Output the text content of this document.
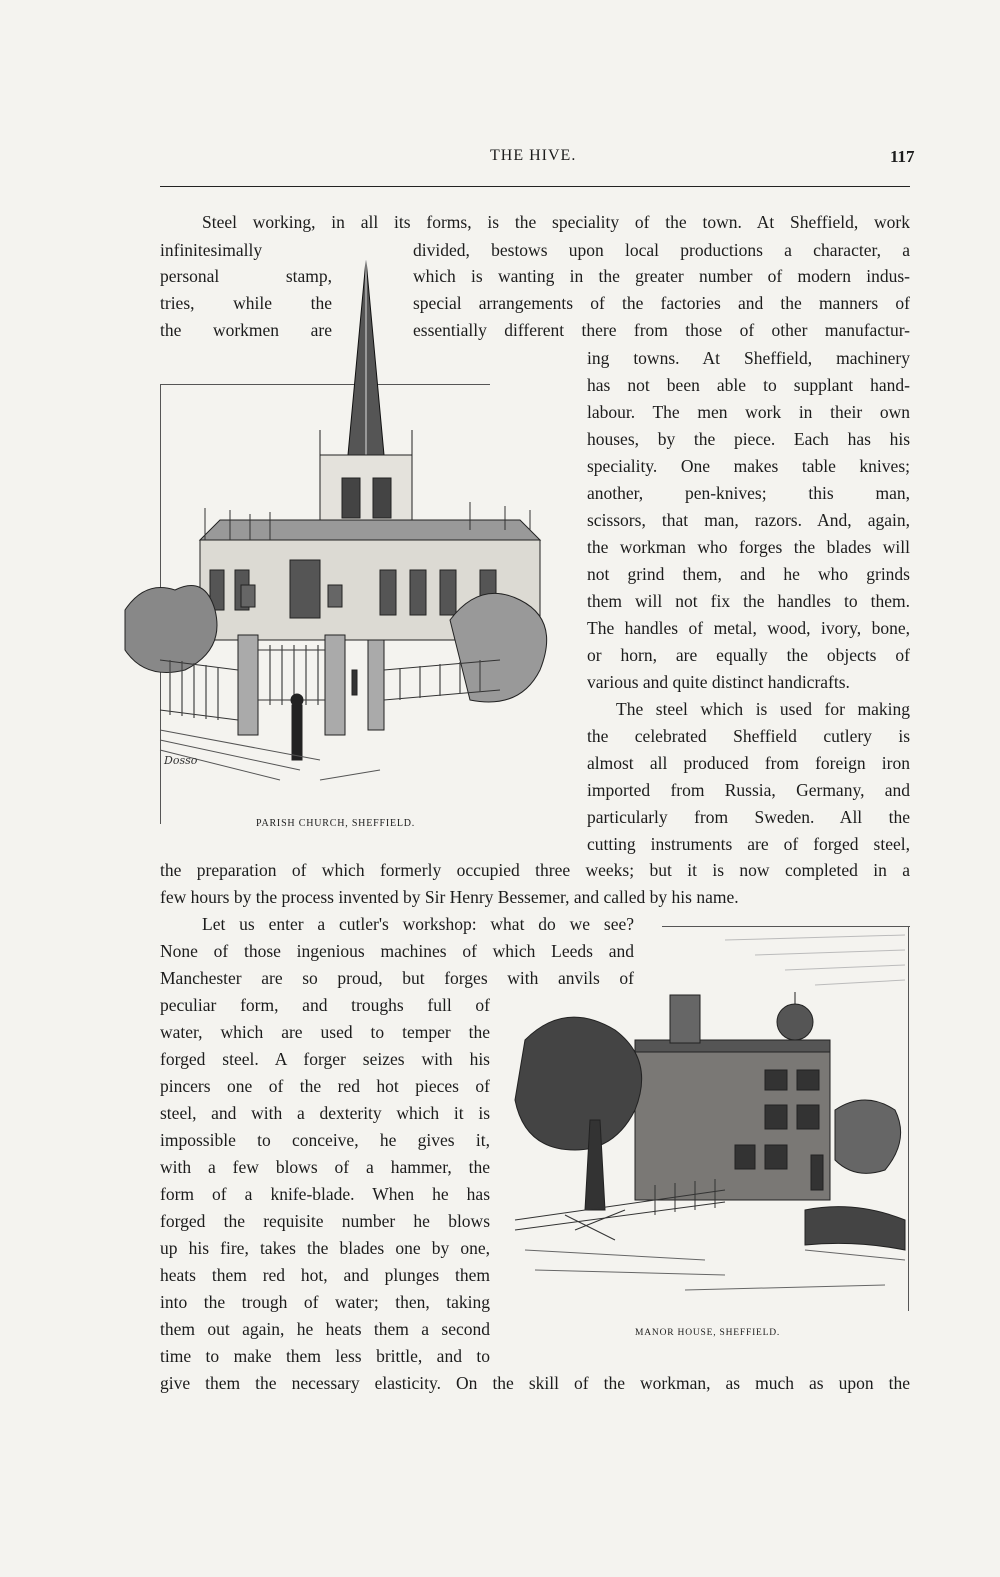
THE HIVE.	117
Steel working, in all its forms, is the speciality of the town. At Sheffield, work
infinitesimally
personal stamp,
tries, while the
the workmen are
divided, bestows upon local productions a character, a
which is wanting in the greater number of modern indus-
special arrangements of the factories and the manners of
essentially different there from those of other manufactur-
ing towns. At Sheffield, machinery
has not been able to supplant hand-
labour. The men work in their own
houses, by the piece. Each has his
speciality. One makes table knives;
another, pen-knives; this man,
scissors, that man, razors. And, again,
the workman who forges the blades will
not grind them, and he who grinds
them will not fix the handles to them.
The handles of metal, wood, ivory, bone,
or horn, are equally the objects of
various and quite distinct handicrafts.
The steel which is used for making
the celebrated Sheffield cutlery is
almost all produced from foreign iron
imported from Russia, Germany, and
particularly from Sweden. All the
cutting instruments are of forged steel,
the preparation of which formerly occupied three weeks; but it is now completed in a
few hours by the process invented by Sir Henry Bessemer, and called by his name.
Let us enter a cutler's workshop: what do we see?
None of those ingenious machines of which Leeds and
Manchester are so proud, but forges with anvils of
peculiar form, and troughs full of
water, which are used to temper the
forged steel. A forger seizes with his
pincers one of the red hot pieces of
steel, and with a dexterity which it is
impossible to conceive, he gives it,
with a few blows of a hammer, the
form of a knife-blade. When he has
forged the requisite number he blows
up his fire, takes the blades one by one,
heats them red hot, and plunges them
into the trough of water; then, taking
them out again, he heats them a second
time to make them less brittle, and to
give them the necessary elasticity. On the skill of the workman, as much as upon the
Dosso
PARISH CHURCH, SHEFFIELD.
MANOR HOUSE, SHEFFIELD.
